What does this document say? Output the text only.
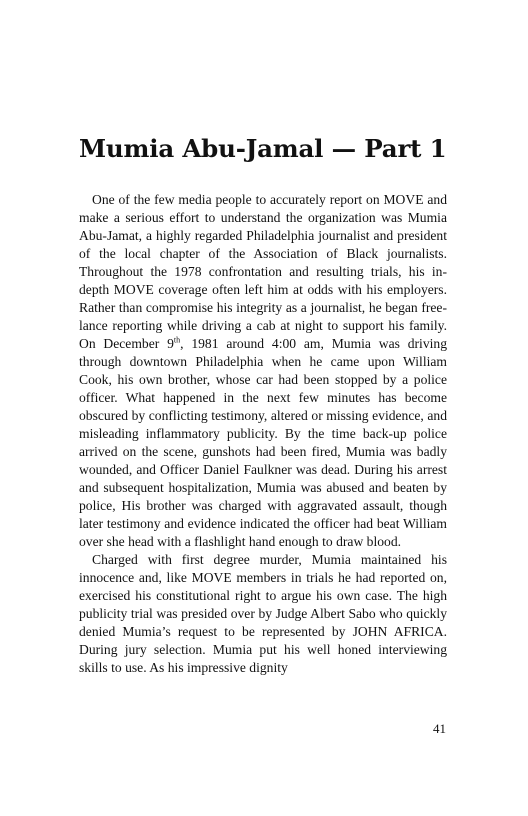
Mumia Abu-Jamal — Part 1

One of the few media people to accurately report on MOVE and make a serious effort to understand the organization was Mumia Abu-Jamat, a highly regarded Philadelphia journalist and president of the local chapter of the Association of Black journalists. Throughout the 1978 confrontation and resulting trials, his in- depth MOVE coverage often left him at odds with his employers. Rather than compromise his integrity as a journalist, he began free-lance reporting while driving a cab at night to support his family. On December 9th, 1981 around 4:00 am, Mumia was driving through downtown Philadelphia when he came upon William Cook, his own brother, whose car had been stopped by a police officer. What happened in the next few minutes has become obscured by conflicting testimony, altered or missing evidence, and misleading inflammatory publicity. By the time back-up police arrived on the scene, gunshots had been fired, Mumia was badly wounded, and Officer Daniel Faulkner was dead. During his arrest and subsequent hospitalization, Mumia was abused and beaten by police, His brother was charged with aggravated assault, though later testimony and evidence indicated the officer had beat William over she head with a flashlight hand enough to draw blood.

Charged with first degree murder, Mumia maintained his innocence and, like MOVE members in trials he had reported on, exercised his constitutional right to argue his own case. The high publicity trial was presided over by Judge Albert Sabo who quickly denied Mumia’s request to be represented by JOHN AFRICA. During jury selection. Mumia put his well honed interviewing skills to use. As his impressive dignity

41
